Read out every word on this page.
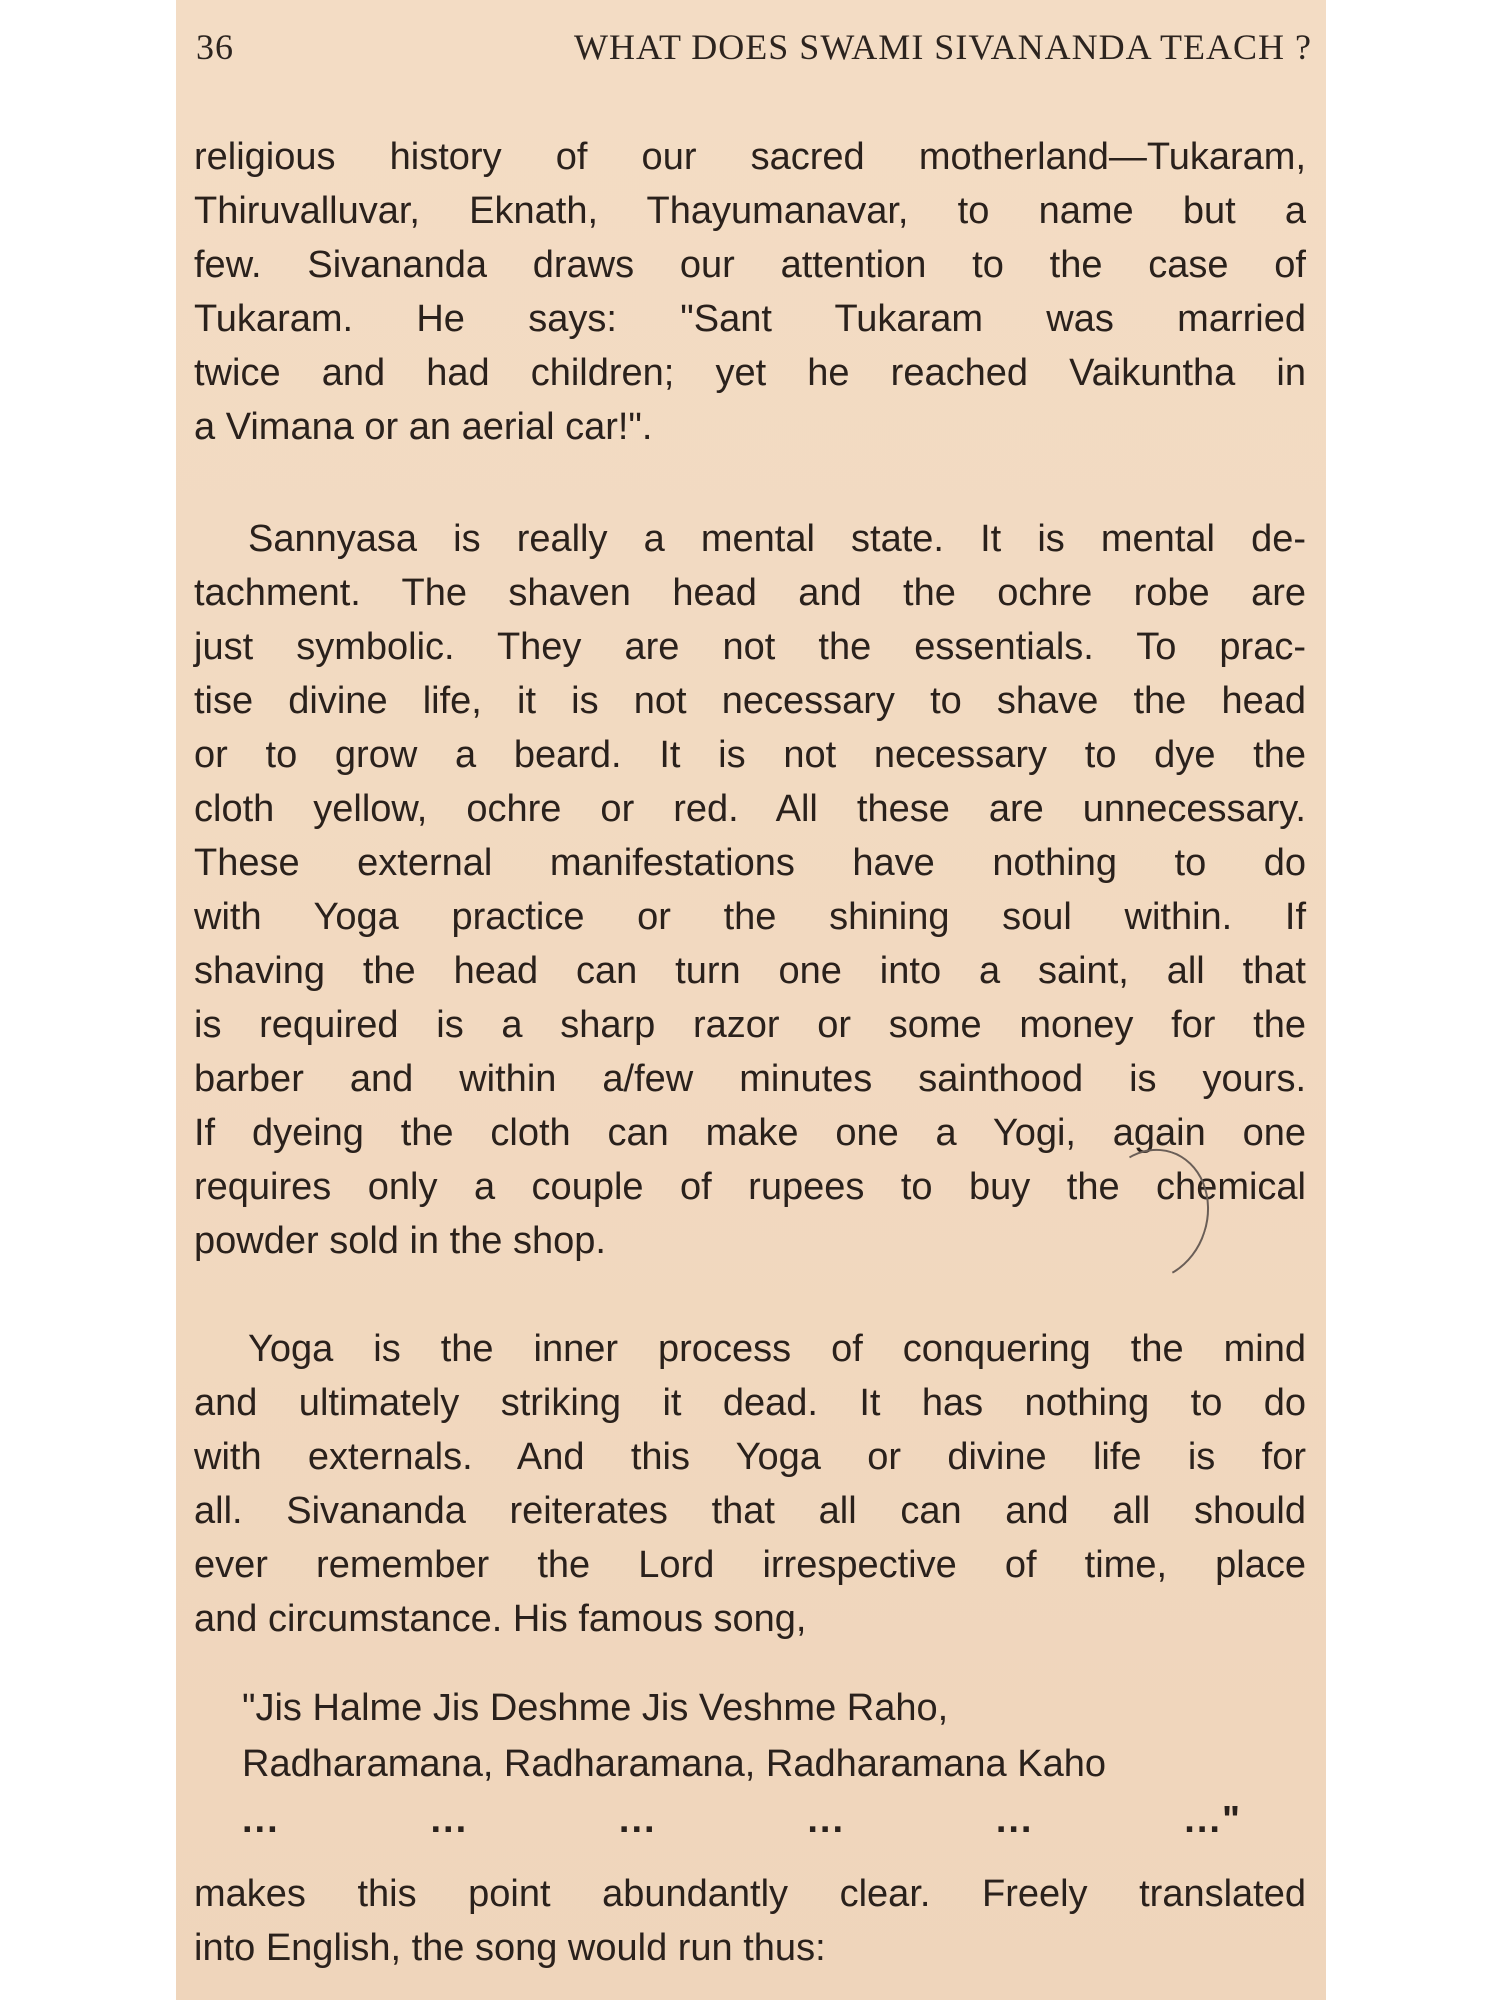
36	WHAT DOES SWAMI SIVANANDA TEACH ?
religious history of our sacred motherland—Tukaram,
Thiruvalluvar, Eknath, Thayumanavar, to name but a
few. Sivananda draws our attention to the case of
Tukaram. He says: "Sant Tukaram was married
twice and had children; yet he reached Vaikuntha in
a Vimana or an aerial car!".
Sannyasa is really a mental state. It is mental de-
tachment. The shaven head and the ochre robe are
just symbolic. They are not the essentials. To prac-
tise divine life, it is not necessary to shave the head
or to grow a beard. It is not necessary to dye the
cloth yellow, ochre or red. All these are unnecessary.
These external manifestations have nothing to do
with Yoga practice or the shining soul within. If
shaving the head can turn one into a saint, all that
is required is a sharp razor or some money for the
barber and within a/few minutes sainthood is yours.
If dyeing the cloth can make one a Yogi, again one
requires only a couple of rupees to buy the chemical
powder sold in the shop.
Yoga is the inner process of conquering the mind
and ultimately striking it dead. It has nothing to do
with externals. And this Yoga or divine life is for
all. Sivananda reiterates that all can and all should
ever remember the Lord irrespective of time, place
and circumstance. His famous song,
"Jis Halme Jis Deshme Jis Veshme Raho,
Radharamana, Radharamana, Radharamana Kaho
...	...	...	...	...	..."
makes this point abundantly clear. Freely translated
into English, the song would run thus:
